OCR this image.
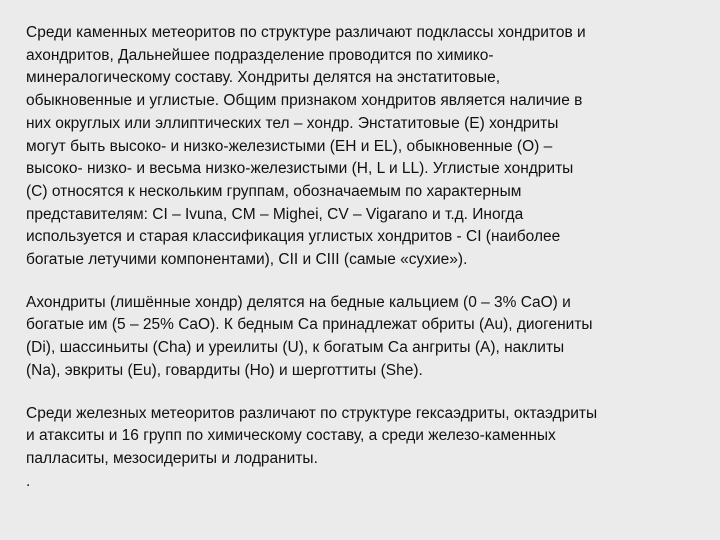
Среди каменных метеоритов по структуре различают подклассы хондритов и
ахондритов, Дальнейшее подразделение проводится по химико-
минералогическому составу. Хондриты делятся на энстатитовые,
обыкновенные и углистые. Общим признаком хондритов является наличие в
них округлых или эллиптических тел – хондр. Энстатитовые (Е) хондриты
могут быть высоко- и низко-железистыми (ЕН и EL), обыкновенные (О) –
высоко- низко- и весьма низко-железистыми (Н, L и LL). Углистые хондриты
(С) относятся к нескольким группам, обозначаемым по характерным
представителям: CI – Ivuna, CM – Mighei, CV – Vigarano и т.д. Иногда
используется и старая классификация углистых хондритов - CI (наиболее
богатые летучими компонентами), CII и CIII (самые «сухие»).

Ахондриты (лишённые хондр) делятся на бедные кальцием (0 – 3% CaO) и
богатые им (5 – 25% CaO). К бедным Са принадлежат обриты (Au), диогениты
(Di), шассиньиты (Cha) и уреилиты (U), к богатым Са ангриты (А), наклиты
(Na), эвкриты (Eu), говардиты (Ho) и шерготтиты (She).

Среди железных метеоритов различают по структуре гексаэдриты, октаэдриты
и атакситы и 16 групп по химическому составу, а среди железо-каменных
палласиты, мезосидериты и лодраниты.
.
